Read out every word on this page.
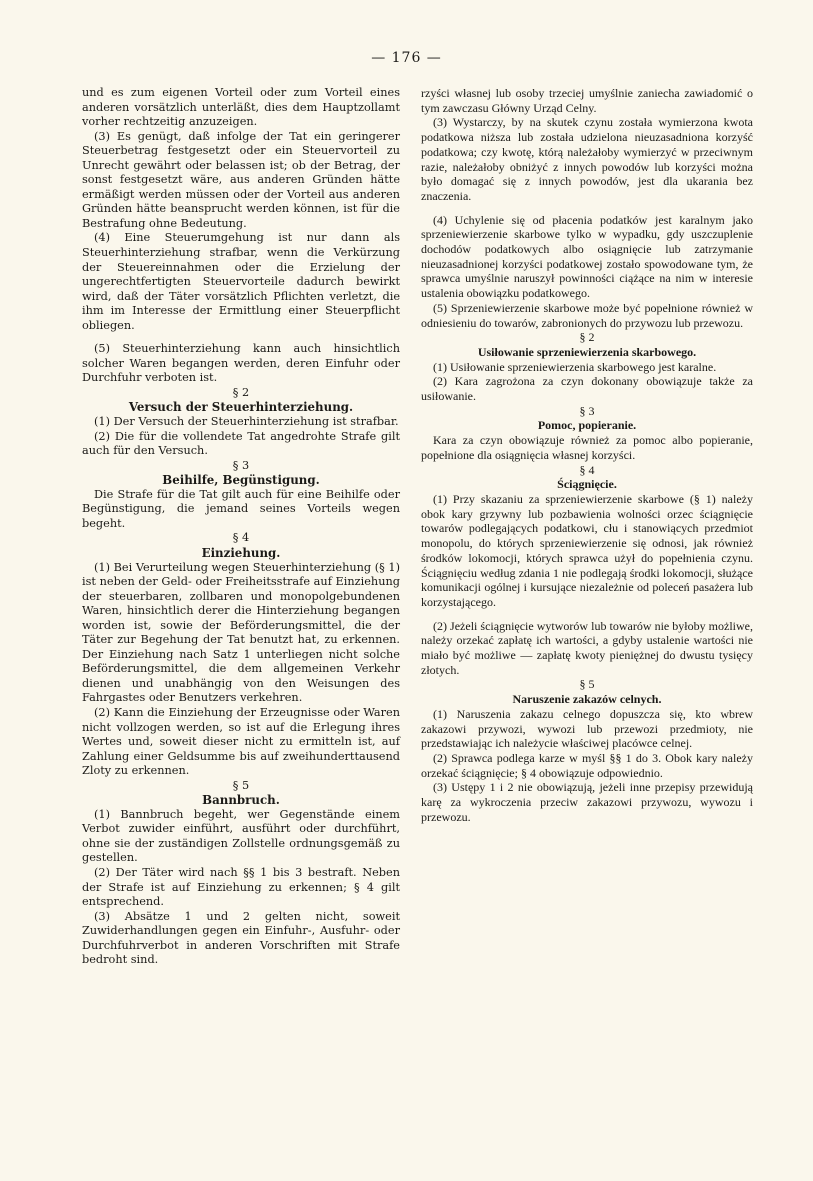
— 176 —

und es zum eigenen Vorteil oder zum Vorteil eines anderen vorsätzlich unterläßt, dies dem Hauptzollamt vorher rechtzeitig anzuzeigen.

(3) Es genügt, daß infolge der Tat ein geringerer Steuerbetrag festgesetzt oder ein Steuervorteil zu Unrecht gewährt oder belassen ist; ob der Betrag, der sonst festgesetzt wäre, aus anderen Gründen hätte ermäßigt werden müssen oder der Vorteil aus anderen Gründen hätte beansprucht werden können, ist für die Bestrafung ohne Bedeutung.

(4) Eine Steuerumgehung ist nur dann als Steuerhinterziehung strafbar, wenn die Verkürzung der Steuereinnahmen oder die Erzielung der ungerechtfertigten Steuervorteile dadurch bewirkt wird, daß der Täter vorsätzlich Pflichten verletzt, die ihm im Interesse der Ermittlung einer Steuerpflicht obliegen.

(5) Steuerhinterziehung kann auch hinsichtlich solcher Waren begangen werden, deren Einfuhr oder Durchfuhr verboten ist.

§ 2

Versuch der Steuerhinterziehung.

(1) Der Versuch der Steuerhinterziehung ist strafbar.

(2) Die für die vollendete Tat angedrohte Strafe gilt auch für den Versuch.

§ 3

Beihilfe, Begünstigung.

Die Strafe für die Tat gilt auch für eine Beihilfe oder Begünstigung, die jemand seines Vorteils wegen begeht.

§ 4

Einziehung.

(1) Bei Verurteilung wegen Steuerhinterziehung (§ 1) ist neben der Geld- oder Freiheitsstrafe auf Einziehung der steuerbaren, zollbaren und monopolgebundenen Waren, hinsichtlich derer die Hinterziehung begangen worden ist, sowie der Beförderungsmittel, die der Täter zur Begehung der Tat benutzt hat, zu erkennen. Der Einziehung nach Satz 1 unterliegen nicht solche Beförderungsmittel, die dem allgemeinen Verkehr dienen und unabhängig von den Weisungen des Fahrgastes oder Benutzers verkehren.

(2) Kann die Einziehung der Erzeugnisse oder Waren nicht vollzogen werden, so ist auf die Erlegung ihres Wertes und, soweit dieser nicht zu ermitteln ist, auf Zahlung einer Geldsumme bis auf zweihunderttausend Zloty zu erkennen.

§ 5

Bannbruch.

(1) Bannbruch begeht, wer Gegenstände einem Verbot zuwider einführt, ausführt oder durchführt, ohne sie der zuständigen Zollstelle ordnungsgemäß zu gestellen.

(2) Der Täter wird nach §§ 1 bis 3 bestraft. Neben der Strafe ist auf Einziehung zu erkennen; § 4 gilt entsprechend.

(3) Absätze 1 und 2 gelten nicht, soweit Zuwiderhandlungen gegen ein Einfuhr-, Ausfuhr- oder Durchfuhrverbot in anderen Vorschriften mit Strafe bedroht sind.

rzyści własnej lub osoby trzeciej umyślnie zaniecha zawiadomić o tym zawczasu Główny Urząd Celny.

(3) Wystarczy, by na skutek czynu została wymierzona kwota podatkowa niższa lub została udzielona nieuzasadniona korzyść podatkowa; czy kwotę, którą należałoby wymierzyć w przeciwnym razie, należałoby obniżyć z innych powodów lub korzyści można było domagać się z innych powodów, jest dla ukarania bez znaczenia.

(4) Uchylenie się od płacenia podatków jest karalnym jako sprzeniewierzenie skarbowe tylko w wypadku, gdy uszczuplenie dochodów podatkowych albo osiągnięcie lub zatrzymanie nieuzasadnionej korzyści podatkowej zostało spowodowane tym, że sprawca umyślnie naruszył powinności ciążące na nim w interesie ustalenia obowiązku podatkowego.

(5) Sprzeniewierzenie skarbowe może być popełnione również w odniesieniu do towarów, zabronionych do przywozu lub przewozu.

§ 2

Usiłowanie sprzeniewierzenia skarbowego.

(1) Usiłowanie sprzeniewierzenia skarbowego jest karalne.

(2) Kara zagrożona za czyn dokonany obowiązuje także za usiłowanie.

§ 3

Pomoc, popieranie.

Kara za czyn obowiązuje również za pomoc albo popieranie, popełnione dla osiągnięcia własnej korzyści.

§ 4

Ściągnięcie.

(1) Przy skazaniu za sprzeniewierzenie skarbowe (§ 1) należy obok kary grzywny lub pozbawienia wolności orzec ściągnięcie towarów podlegających podatkowi, cłu i stanowiących przedmiot monopolu, do których sprzeniewierzenie się odnosi, jak również środków lokomocji, których sprawca użył do popełnienia czynu. Ściągnięciu według zdania 1 nie podlegają środki lokomocji, służące komunikacji ogólnej i kursujące niezależnie od poleceń pasażera lub korzystającego.

(2) Jeżeli ściągnięcie wytworów lub towarów nie byłoby możliwe, należy orzekać zapłatę ich wartości, a gdyby ustalenie wartości nie miało być możliwe — zapłatę kwoty pieniężnej do dwustu tysięcy złotych.

§ 5

Naruszenie zakazów celnych.

(1) Naruszenia zakazu celnego dopuszcza się, kto wbrew zakazowi przywozi, wywozi lub przewozi przedmioty, nie przedstawiając ich należycie właściwej placówce celnej.

(2) Sprawca podlega karze w myśl §§ 1 do 3. Obok kary należy orzekać ściągnięcie; § 4 obowiązuje odpowiednio.

(3) Ustępy 1 i 2 nie obowiązują, jeżeli inne przepisy przewidują karę za wykroczenia przeciw zakazowi przywozu, wywozu i przewozu.
